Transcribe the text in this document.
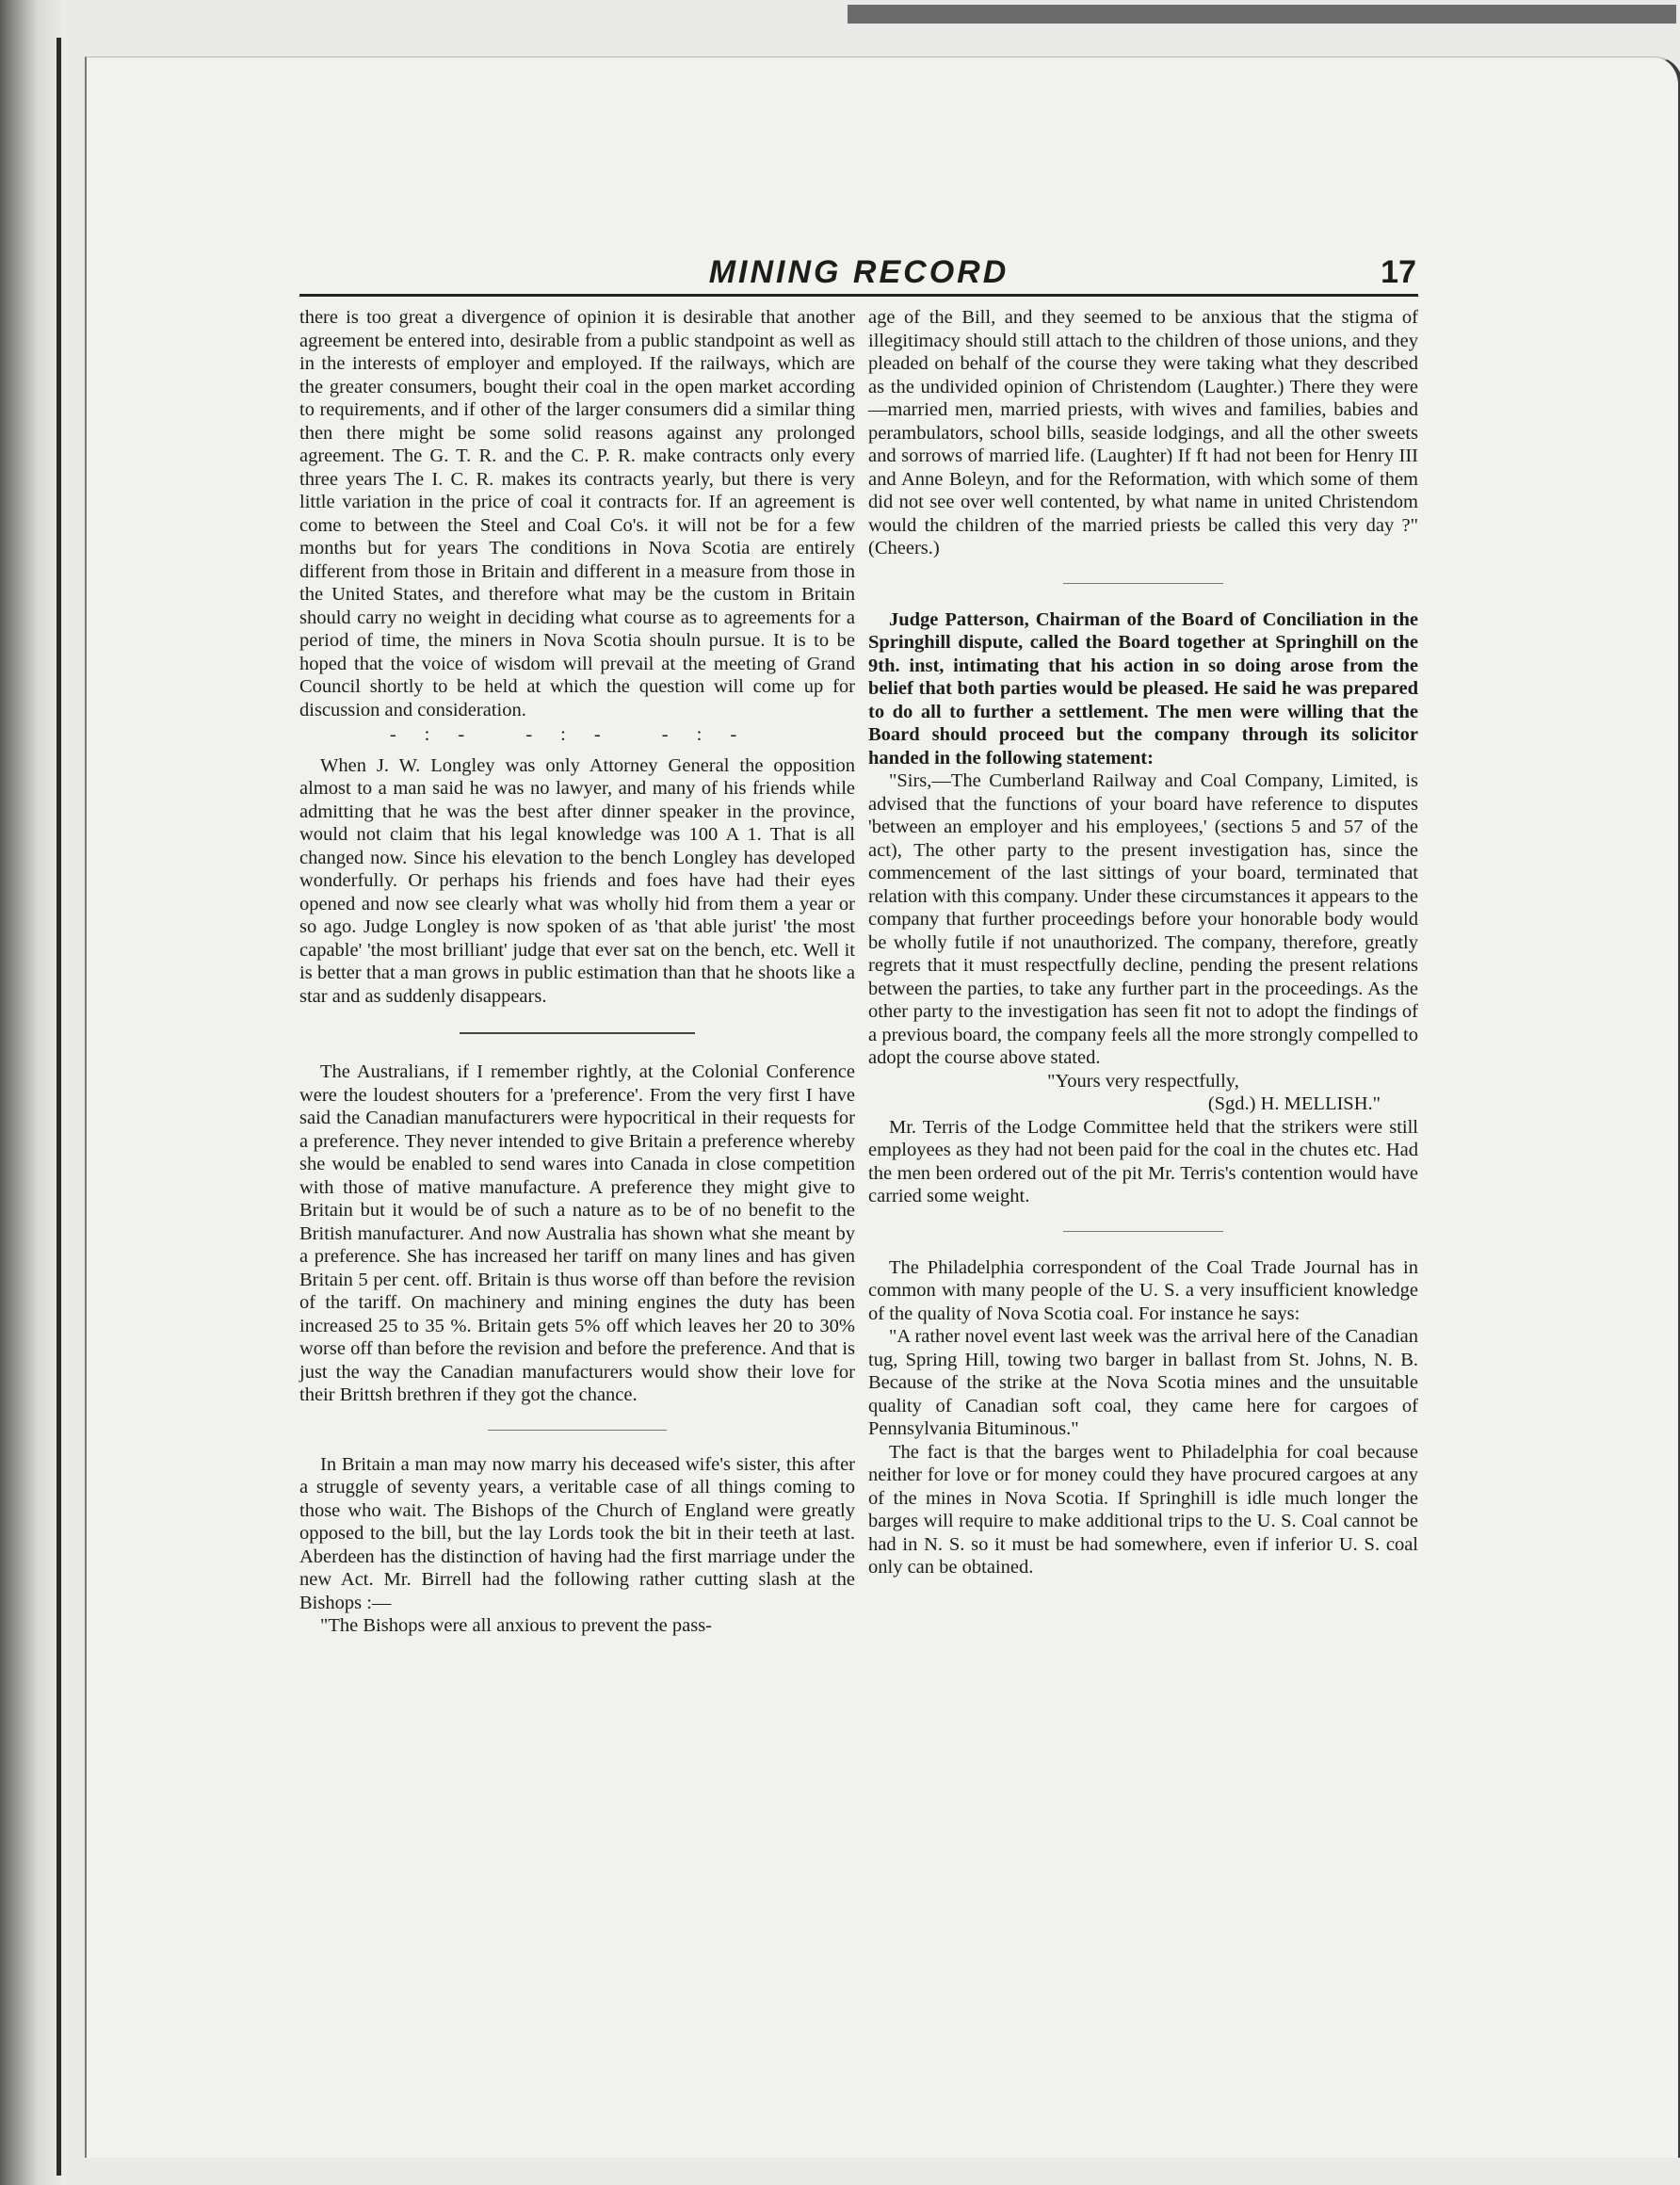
MINING RECORD	17

there is too great a divergence of opinion it is desirable that another agreement be entered into, desirable from a public standpoint as well as in the interests of employer and employed. If the railways, which are the greater consumers, bought their coal in the open market according to requirements, and if other of the larger consumers did a similar thing then there might be some solid reasons against any prolonged agreement. The G. T. R. and the C. P. R. make contracts only every three years The I. C. R. makes its contracts yearly, but there is very little variation in the price of coal it contracts for. If an agreement is come to between the Steel and Coal Co's. it will not be for a few months but for years The conditions in Nova Scotia are entirely different from those in Britain and different in a measure from those in the United States, and therefore what may be the custom in Britain should carry no weight in deciding what course as to agreements for a period of time, the miners in Nova Scotia shouln pursue. It is to be hoped that the voice of wisdom will prevail at the meeting of Grand Council shortly to be held at which the question will come up for discussion and consideration.

-:- -:- -:-

When J. W. Longley was only Attorney General the opposition almost to a man said he was no lawyer, and many of his friends while admitting that he was the best after dinner speaker in the province, would not claim that his legal knowledge was 100 A 1. That is all changed now. Since his elevation to the bench Longley has developed wonderfully. Or perhaps his friends and foes have had their eyes opened and now see clearly what was wholly hid from them a year or so ago. Judge Longley is now spoken of as 'that able jurist' 'the most capable' 'the most brilliant' judge that ever sat on the bench, etc. Well it is better that a man grows in public estimation than that he shoots like a star and as suddenly disappears.

The Australians, if I remember rightly, at the Colonial Conference were the loudest shouters for a 'preference'. From the very first I have said the Canadian manufacturers were hypocritical in their requests for a preference. They never intended to give Britain a preference whereby she would be enabled to send wares into Canada in close competition with those of mative manufacture. A preference they might give to Britain but it would be of such a nature as to be of no benefit to the British manufacturer. And now Australia has shown what she meant by a preference. She has increased her tariff on many lines and has given Britain 5 per cent. off. Britain is thus worse off than before the revision of the tariff. On machinery and mining engines the duty has been increased 25 to 35 %. Britain gets 5% off which leaves her 20 to 30% worse off than before the revision and before the preference. And that is just the way the Canadian manufacturers would show their love for their Brittsh brethren if they got the chance.

In Britain a man may now marry his deceased wife's sister, this after a struggle of seventy years, a veritable case of all things coming to those who wait. The Bishops of the Church of England were greatly opposed to the bill, but the lay Lords took the bit in their teeth at last. Aberdeen has the distinction of having had the first marriage under the new Act. Mr. Birrell had the following rather cutting slash at the Bishops :—

"The Bishops were all anxious to prevent the pass-

age of the Bill, and they seemed to be anxious that the stigma of illegitimacy should still attach to the children of those unions, and they pleaded on behalf of the course they were taking what they described as the undivided opinion of Christendom (Laughter.) There they were —married men, married priests, with wives and families, babies and perambulators, school bills, seaside lodgings, and all the other sweets and sorrows of married life. (Laughter) If ft had not been for Henry III and Anne Boleyn, and for the Reformation, with which some of them did not see over well contented, by what name in united Christendom would the children of the married priests be called this very day ?" (Cheers.)

Judge Patterson, Chairman of the Board of Conciliation in the Springhill dispute, called the Board together at Springhill on the 9th. inst, intimating that his action in so doing arose from the belief that both parties would be pleased. He said he was prepared to do all to further a settlement. The men were willing that the Board should proceed but the company through its solicitor handed in the following statement:

"Sirs,—The Cumberland Railway and Coal Company, Limited, is advised that the functions of your board have reference to disputes 'between an employer and his employees,' (sections 5 and 57 of the act), The other party to the present investigation has, since the commencement of the last sittings of your board, terminated that relation with this company. Under these circumstances it appears to the company that further proceedings before your honorable body would be wholly futile if not unauthorized. The company, therefore, greatly regrets that it must respectfully decline, pending the present relations between the parties, to take any further part in the proceedings. As the other party to the investigation has seen fit not to adopt the findings of a previous board, the company feels all the more strongly compelled to adopt the course above stated.

"Yours very respectfully,

(Sgd.) H. MELLISH."

Mr. Terris of the Lodge Committee held that the strikers were still employees as they had not been paid for the coal in the chutes etc. Had the men been ordered out of the pit Mr. Terris's contention would have carried some weight.

The Philadelphia correspondent of the Coal Trade Journal has in common with many people of the U. S. a very insufficient knowledge of the quality of Nova Scotia coal. For instance he says:

"A rather novel event last week was the arrival here of the Canadian tug, Spring Hill, towing two barger in ballast from St. Johns, N. B. Because of the strike at the Nova Scotia mines and the unsuitable quality of Canadian soft coal, they came here for cargoes of Pennsylvania Bituminous."

The fact is that the barges went to Philadelphia for coal because neither for love or for money could they have procured cargoes at any of the mines in Nova Scotia. If Springhill is idle much longer the barges will require to make additional trips to the U. S. Coal cannot be had in N. S. so it must be had somewhere, even if inferior U. S. coal only can be obtained.
